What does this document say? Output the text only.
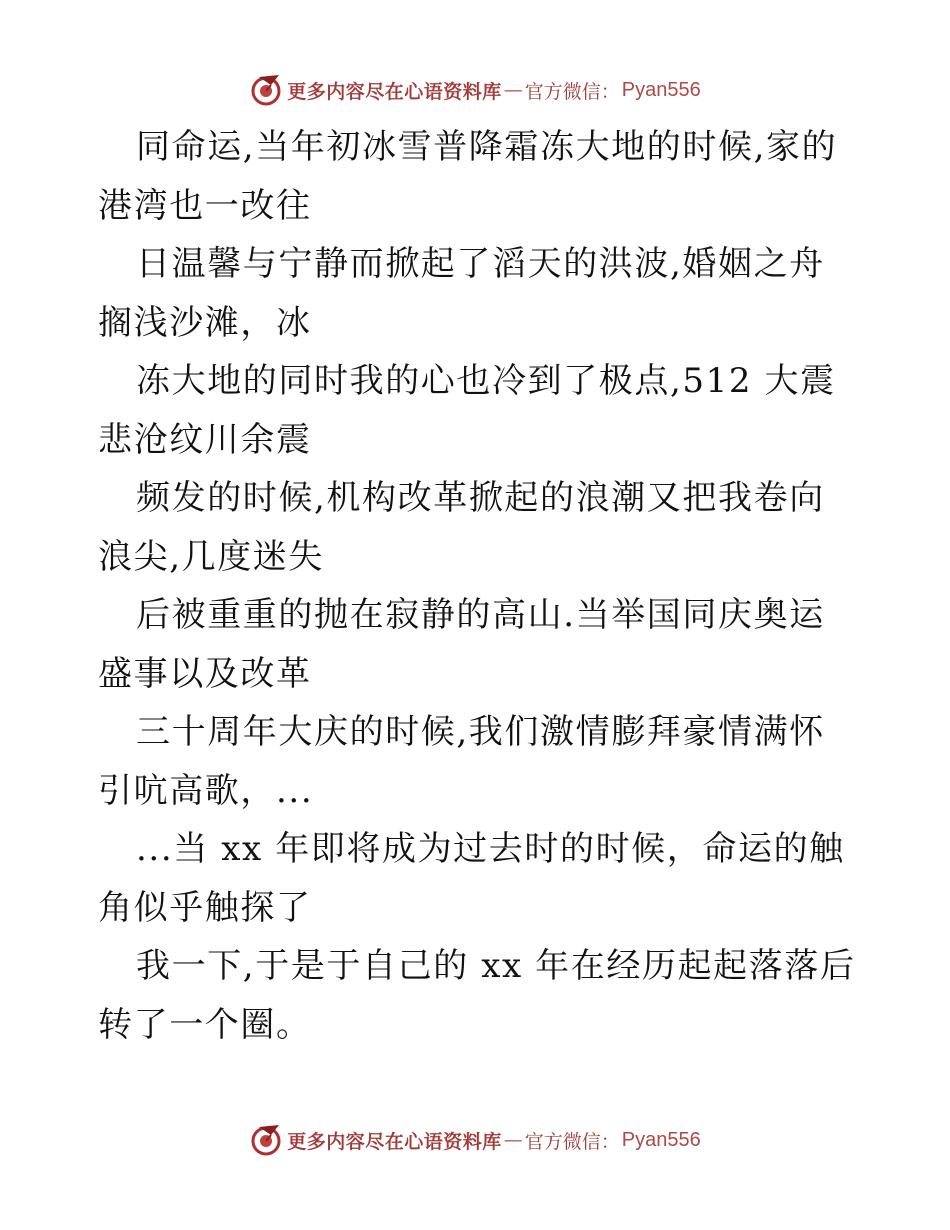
更多内容尽在心语资料库 — 官方微信： Pyan556

同命运,当年初冰雪普降霜冻大地的时候,家的港湾也一改往

日温馨与宁静而掀起了滔天的洪波,婚姻之舟搁浅沙滩，冰

冻大地的同时我的心也冷到了极点,512 大震悲沧纹川余震

频发的时候,机构改革掀起的浪潮又把我卷向浪尖,几度迷失

后被重重的抛在寂静的高山.当举国同庆奥运盛事以及改革

三十周年大庆的时候,我们激情膨拜豪情满怀引吭高歌，...

...当 xx 年即将成为过去时的时候，命运的触角似乎触探了

我一下,于是于自己的 xx 年在经历起起落落后转了一个圈。

更多内容尽在心语资料库 — 官方微信： Pyan556
